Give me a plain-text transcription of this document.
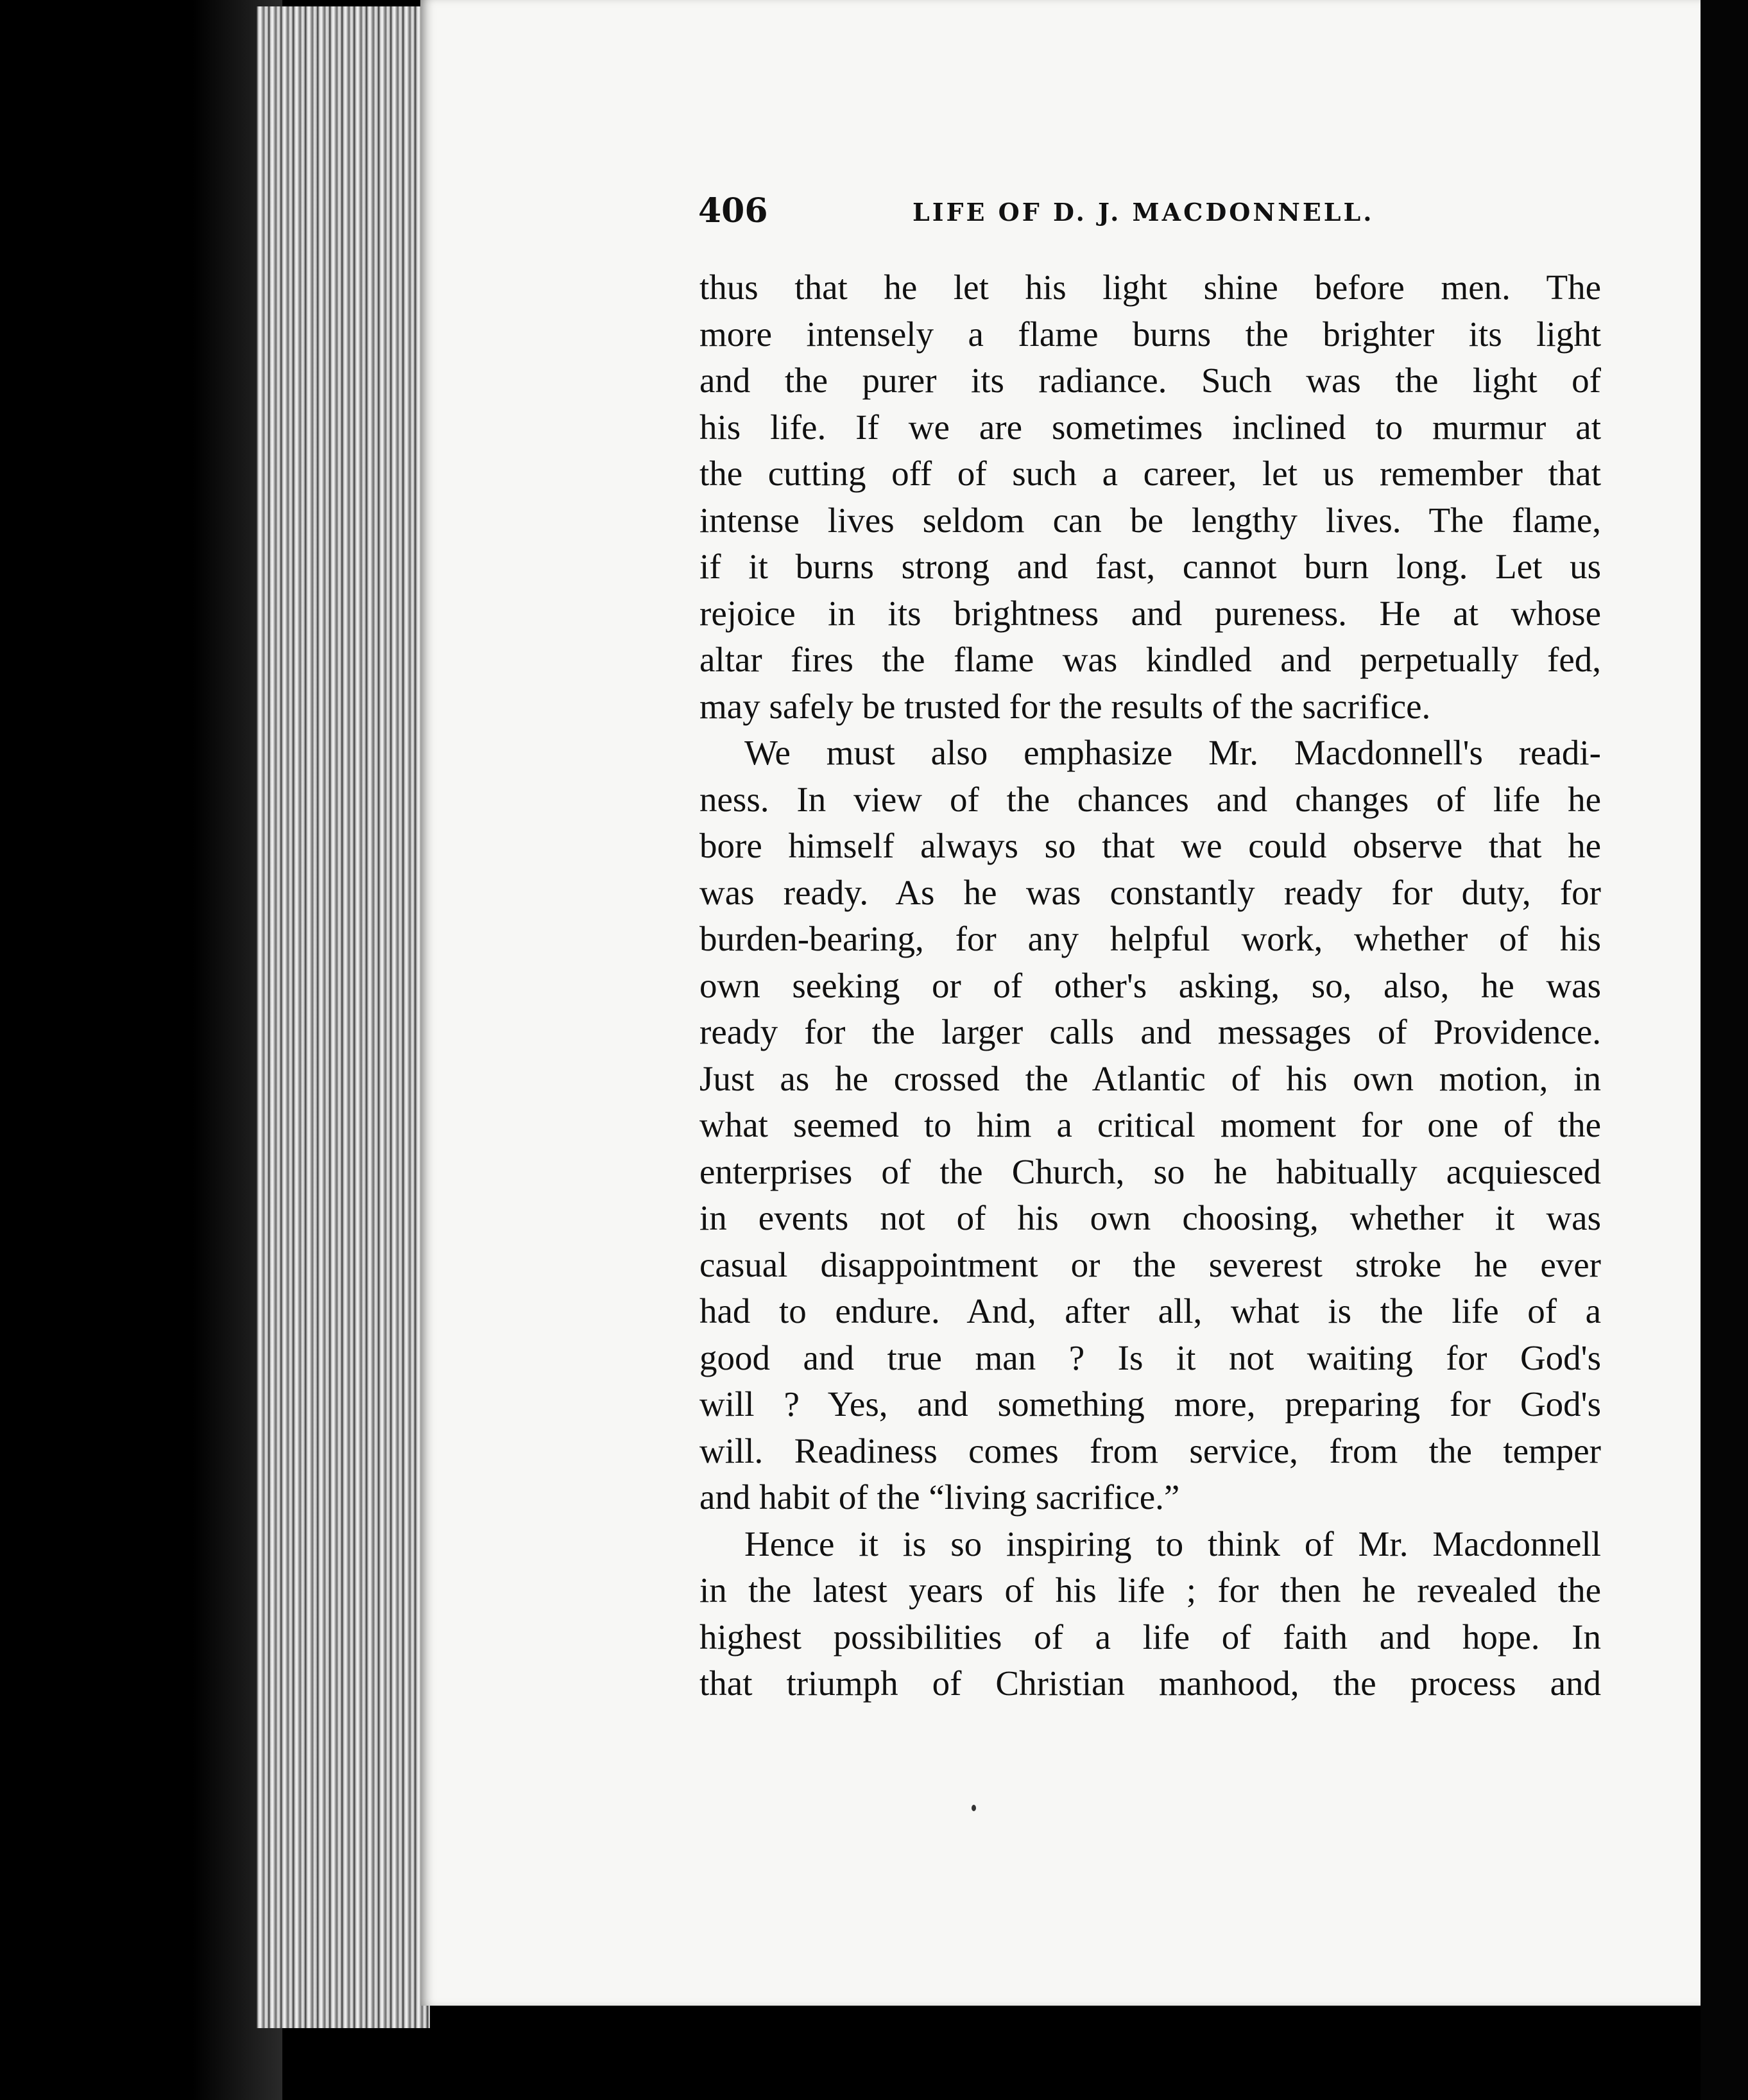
406	LIFE OF D. J. MACDONNELL.
thus that he let his light shine before men. The
more intensely a flame burns the brighter its light
and the purer its radiance. Such was the light of
his life. If we are sometimes inclined to murmur at
the cutting off of such a career, let us remember that
intense lives seldom can be lengthy lives. The flame,
if it burns strong and fast, cannot burn long. Let us
rejoice in its brightness and pureness. He at whose
altar fires the flame was kindled and perpetually fed,
may safely be trusted for the results of the sacrifice.
We must also emphasize Mr. Macdonnell's readi-
ness. In view of the chances and changes of life he
bore himself always so that we could observe that he
was ready. As he was constantly ready for duty, for
burden-bearing, for any helpful work, whether of his
own seeking or of other's asking, so, also, he was
ready for the larger calls and messages of Providence.
Just as he crossed the Atlantic of his own motion, in
what seemed to him a critical moment for one of the
enterprises of the Church, so he habitually acquiesced
in events not of his own choosing, whether it was
casual disappointment or the severest stroke he ever
had to endure. And, after all, what is the life of a
good and true man ? Is it not waiting for God's
will ? Yes, and something more, preparing for God's
will. Readiness comes from service, from the temper
and habit of the “living sacrifice.”
Hence it is so inspiring to think of Mr. Macdonnell
in the latest years of his life ; for then he revealed the
highest possibilities of a life of faith and hope. In
that triumph of Christian manhood, the process and
